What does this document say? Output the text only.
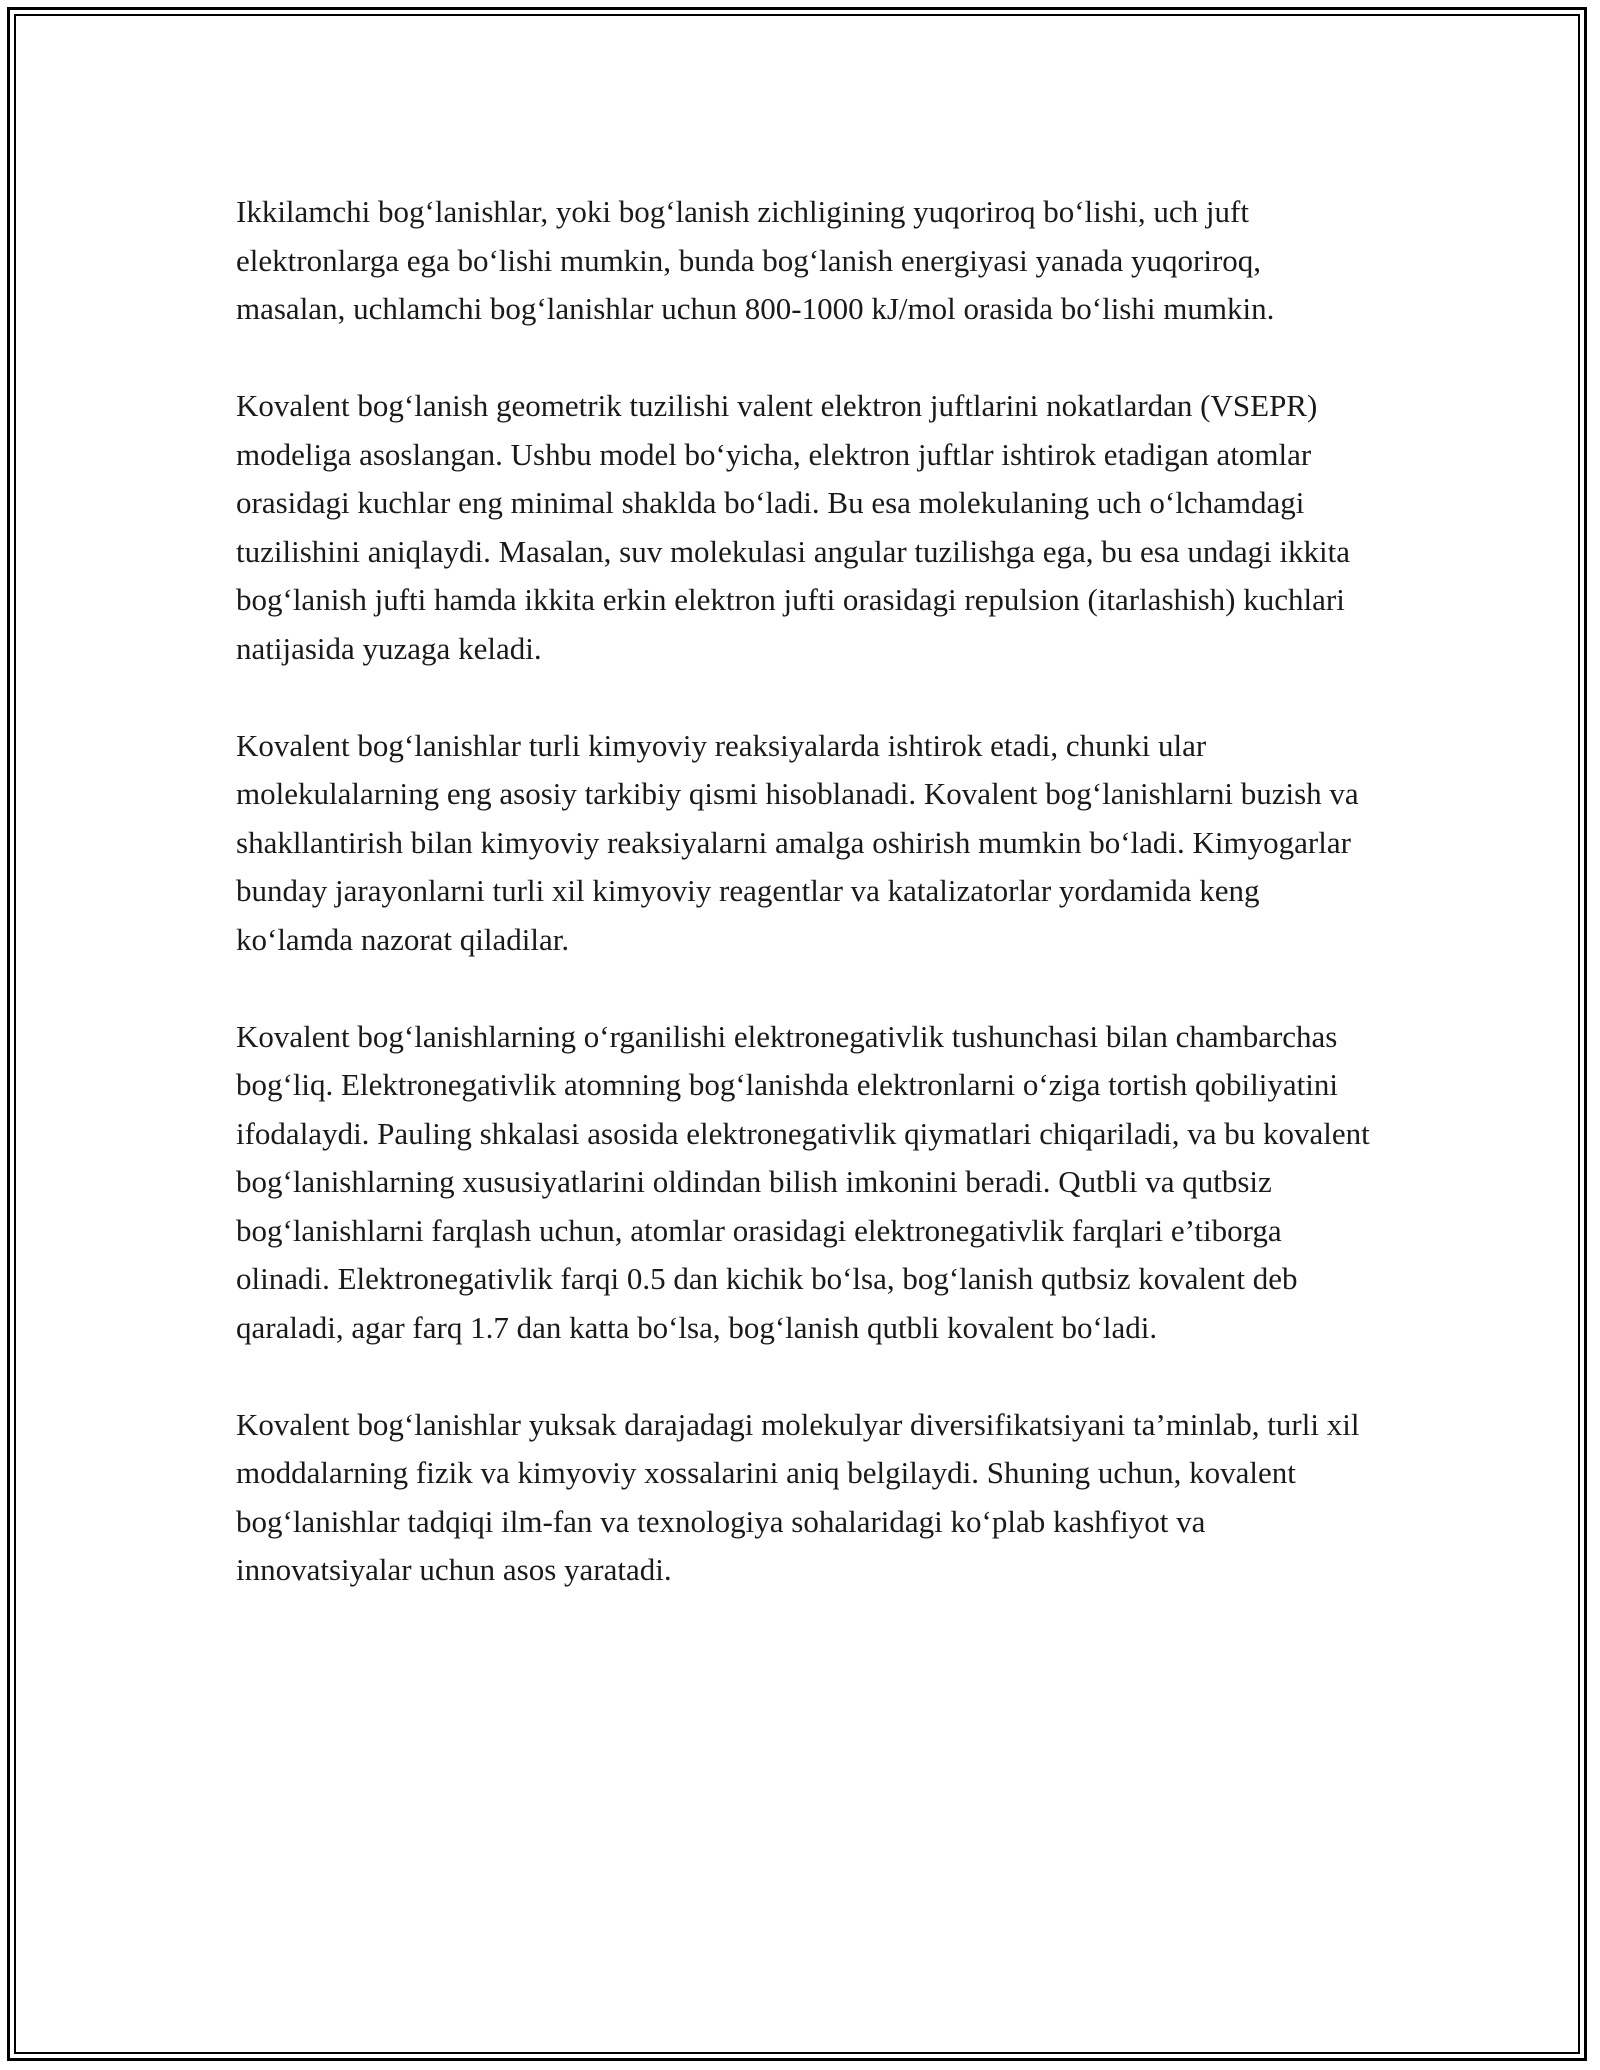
Ikkilamchi bog‘lanishlar, yoki bog‘lanish zichligining yuqoriroq bo‘lishi, uch juft elektronlarga ega bo‘lishi mumkin, bunda bog‘lanish energiyasi yanada yuqoriroq, masalan, uchlamchi bog‘lanishlar uchun 800-1000 kJ/mol orasida bo‘lishi mumkin.

Kovalent bog‘lanish geometrik tuzilishi valent elektron juftlarini nokatlardan (VSEPR) modeliga asoslangan. Ushbu model bo‘yicha, elektron juftlar ishtirok etadigan atomlar orasidagi kuchlar eng minimal shaklda bo‘ladi. Bu esa molekulaning uch o‘lchamdagi tuzilishini aniqlaydi. Masalan, suv molekulasi angular tuzilishga ega, bu esa undagi ikkita bog‘lanish jufti hamda ikkita erkin elektron jufti orasidagi repulsion (itarlashish) kuchlari natijasida yuzaga keladi.

Kovalent bog‘lanishlar turli kimyoviy reaksiyalarda ishtirok etadi, chunki ular molekulalarning eng asosiy tarkibiy qismi hisoblanadi. Kovalent bog‘lanishlarni buzish va shakllantirish bilan kimyoviy reaksiyalarni amalga oshirish mumkin bo‘ladi. Kimyogarlar bunday jarayonlarni turli xil kimyoviy reagentlar va katalizatorlar yordamida keng ko‘lamda nazorat qiladilar.

Kovalent bog‘lanishlarning o‘rganilishi elektronegativlik tushunchasi bilan chambarchas bog‘liq. Elektronegativlik atomning bog‘lanishda elektronlarni o‘ziga tortish qobiliyatini ifodalaydi. Pauling shkalasi asosida elektronegativlik qiymatlari chiqariladi, va bu kovalent bog‘lanishlarning xususiyatlarini oldindan bilish imkonini beradi. Qutbli va qutbsiz bog‘lanishlarni farqlash uchun, atomlar orasidagi elektronegativlik farqlari e’tiborga olinadi. Elektronegativlik farqi 0.5 dan kichik bo‘lsa, bog‘lanish qutbsiz kovalent deb qaraladi, agar farq 1.7 dan katta bo‘lsa, bog‘lanish qutbli kovalent bo‘ladi.

Kovalent bog‘lanishlar yuksak darajadagi molekulyar diversifikatsiyani ta’minlab, turli xil moddalarning fizik va kimyoviy xossalarini aniq belgilaydi. Shuning uchun, kovalent bog‘lanishlar tadqiqi ilm-fan va texnologiya sohalaridagi ko‘plab kashfiyot va innovatsiyalar uchun asos yaratadi.
